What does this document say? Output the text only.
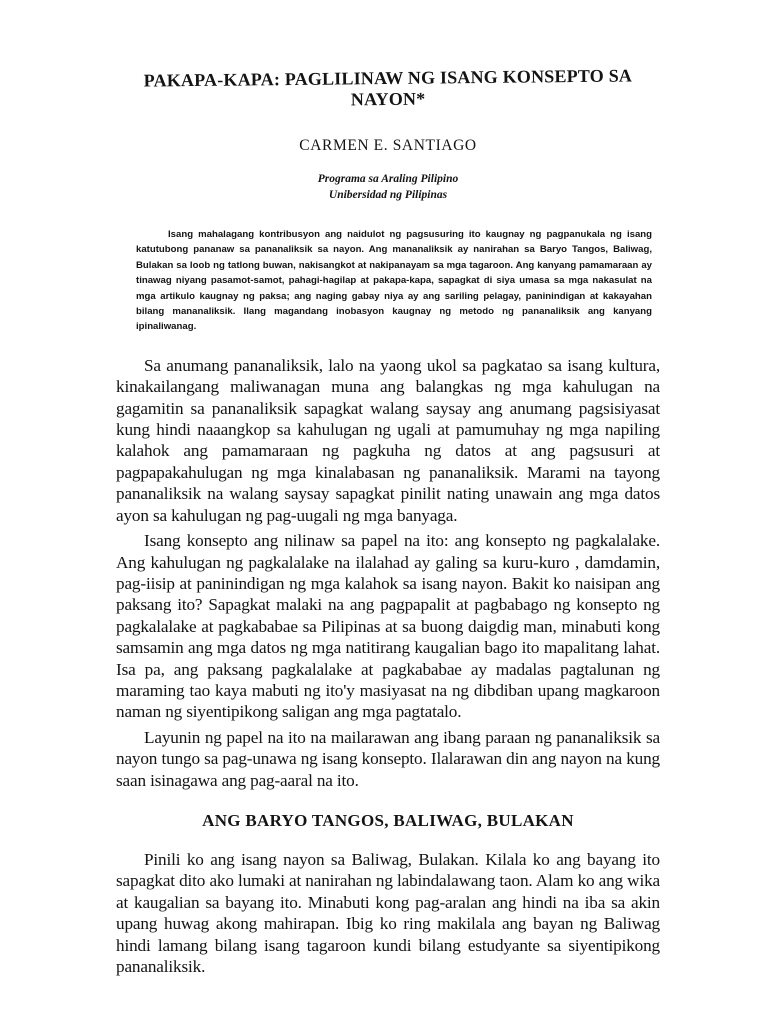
PAKAPA-KAPA: PAGLILINAW NG ISANG KONSEPTO SA NAYON*
CARMEN E. SANTIAGO
Programa sa Araling Pilipino
Unibersidad ng Pilipinas

Isang mahalagang kontribusyon ang naidulot ng pagsusuring ito kaugnay ng pagpanukala ng isang katutubong pananaw sa pananaliksik sa nayon. Ang mananaliksik ay nanirahan sa Baryo Tangos, Baliwag, Bulakan sa loob ng tatlong buwan, nakisangkot at nakipanayam sa mga tagaroon. Ang kanyang pamamaraan ay tinawag niyang pasamot-samot, pahagi-hagilap at pakapa-kapa, sapagkat di siya umasa sa mga nakasulat na mga artikulo kaugnay ng paksa; ang naging gabay niya ay ang sariling pelagay, paninindigan at kakayahan bilang mananaliksik. Ilang magandang inobasyon kaugnay ng metodo ng pananaliksik ang kanyang ipinaliwanag.

Sa anumang pananaliksik, lalo na yaong ukol sa pagkatao sa isang kultura, kinakailangang maliwanagan muna ang balangkas ng mga kahulugan na gagamitin sa pananaliksik sapagkat walang saysay ang anumang pagsisiyasat kung hindi naaangkop sa kahulugan ng ugali at pamumuhay ng mga napiling kalahok ang pamamaraan ng pagkuha ng datos at ang pagsusuri at pagpapakahulugan ng mga kinalabasan ng pananaliksik. Marami na tayong pananaliksik na walang saysay sapagkat pinilit nating unawain ang mga datos ayon sa kahulugan ng pag-uugali ng mga banyaga.

Isang konsepto ang nilinaw sa papel na ito: ang konsepto ng pagkalalake. Ang kahulugan ng pagkalalake na ilalahad ay galing sa kuru-kuro , damdamin, pag-iisip at paninindigan ng mga kalahok sa isang nayon. Bakit ko naisipan ang paksang ito? Sapagkat malaki na ang pagpapalit at pagbabago ng konsepto ng pagkalalake at pagkababae sa Pilipinas at sa buong daigdig man, minabuti kong samsamin ang mga datos ng mga natitirang kaugalian bago ito mapalitang lahat. Isa pa, ang paksang pagkalalake at pagkababae ay madalas pagtalunan ng maraming tao kaya mabuti ng ito'y masiyasat na ng dibdiban upang magkaroon naman ng siyentipikong saligan ang mga pagtatalo.

Layunin ng papel na ito na mailarawan ang ibang paraan ng pananaliksik sa nayon tungo sa pag-unawa ng isang konsepto. Ilalarawan din ang nayon na kung saan isinagawa ang pag-aaral na ito.

ANG BARYO TANGOS, BALIWAG, BULAKAN

Pinili ko ang isang nayon sa Baliwag, Bulakan. Kilala ko ang bayang ito sapagkat dito ako lumaki at nanirahan ng labindalawang taon. Alam ko ang wika at kaugalian sa bayang ito. Minabuti kong pag-aralan ang hindi na iba sa akin upang huwag akong mahirapan. Ibig ko ring makilala ang bayan ng Baliwag hindi lamang bilang isang tagaroon kundi bilang estudyante sa siyentipikong pananaliksik.
